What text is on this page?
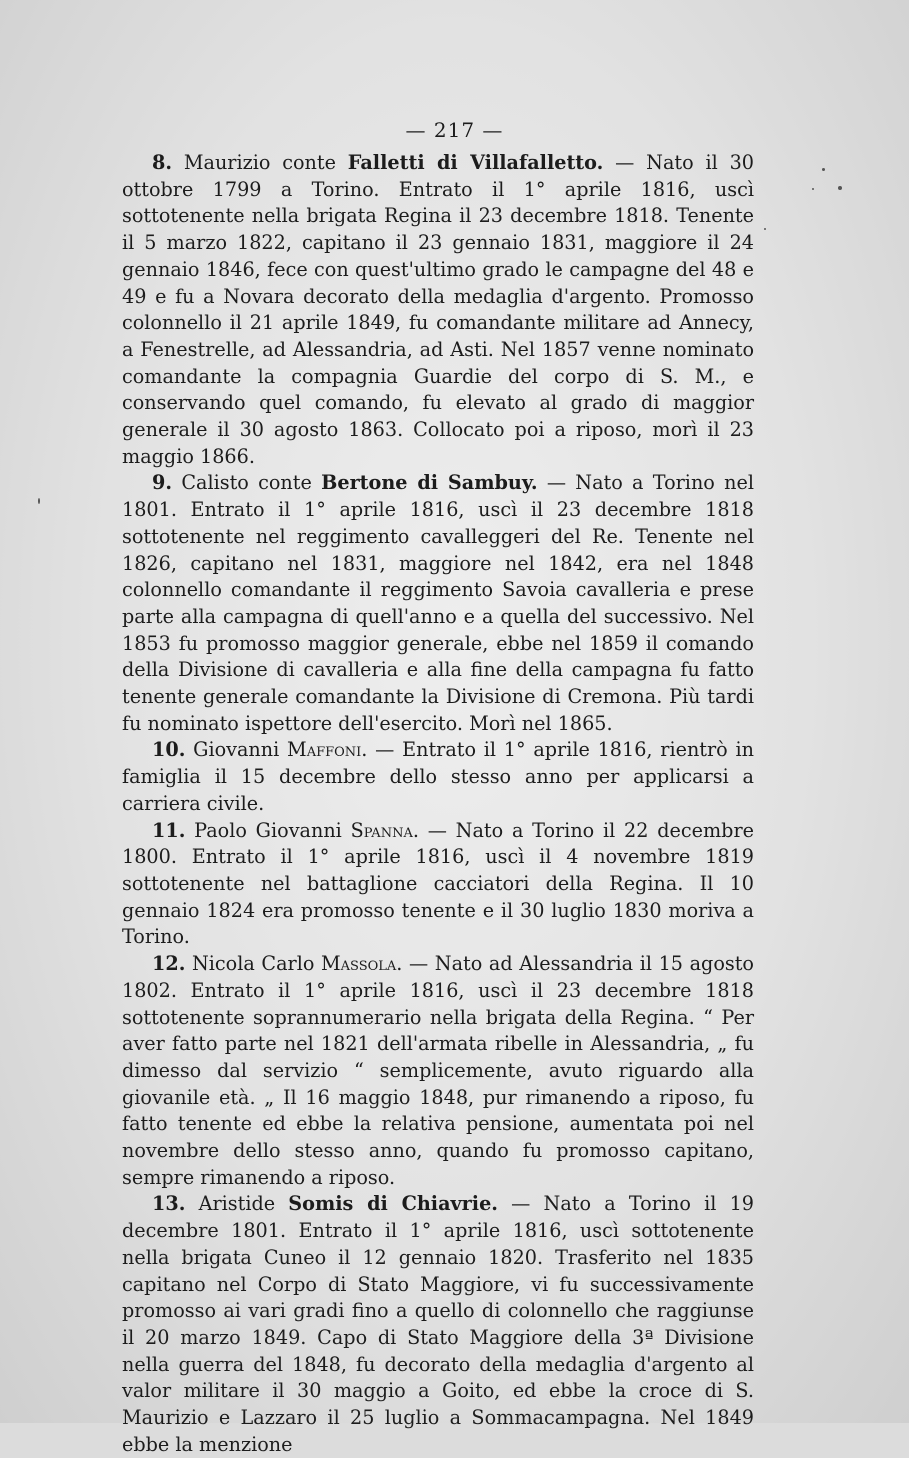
— 217 —

8. Maurizio conte Falletti di Villafalletto. — Nato il 30 ottobre 1799 a Torino. Entrato il 1° aprile 1816, uscì sottotenente nella brigata Regina il 23 decembre 1818. Tenente il 5 marzo 1822, capitano il 23 gennaio 1831, maggiore il 24 gennaio 1846, fece con quest'ultimo grado le campagne del 48 e 49 e fu a Novara decorato della medaglia d'argento. Promosso colonnello il 21 aprile 1849, fu comandante militare ad Annecy, a Fenestrelle, ad Alessandria, ad Asti. Nel 1857 venne nominato comandante la compagnia Guardie del corpo di S. M., e conservando quel comando, fu elevato al grado di maggior generale il 30 agosto 1863. Collocato poi a riposo, morì il 23 maggio 1866.

9. Calisto conte Bertone di Sambuy. — Nato a Torino nel 1801. Entrato il 1° aprile 1816, uscì il 23 decembre 1818 sottotenente nel reggimento cavalleggeri del Re. Tenente nel 1826, capitano nel 1831, maggiore nel 1842, era nel 1848 colonnello comandante il reggimento Savoia cavalleria e prese parte alla campagna di quell'anno e a quella del successivo. Nel 1853 fu promosso maggior generale, ebbe nel 1859 il comando della Divisione di cavalleria e alla fine della campagna fu fatto tenente generale comandante la Divisione di Cremona. Più tardi fu nominato ispettore dell'esercito. Morì nel 1865.

10. Giovanni Maffoni. — Entrato il 1° aprile 1816, rientrò in famiglia il 15 decembre dello stesso anno per applicarsi a carriera civile.

11. Paolo Giovanni Spanna. — Nato a Torino il 22 decembre 1800. Entrato il 1° aprile 1816, uscì il 4 novembre 1819 sottotenente nel battaglione cacciatori della Regina. Il 10 gennaio 1824 era promosso tenente e il 30 luglio 1830 moriva a Torino.

12. Nicola Carlo Massola. — Nato ad Alessandria il 15 agosto 1802. Entrato il 1° aprile 1816, uscì il 23 decembre 1818 sottotenente soprannumerario nella brigata della Regina. “ Per aver fatto parte nel 1821 dell'armata ribelle in Alessandria, „ fu dimesso dal servizio “ semplicemente, avuto riguardo alla giovanile età. „ Il 16 maggio 1848, pur rimanendo a riposo, fu fatto tenente ed ebbe la relativa pensione, aumentata poi nel novembre dello stesso anno, quando fu promosso capitano, sempre rimanendo a riposo.

13. Aristide Somis di Chiavrie. — Nato a Torino il 19 decembre 1801. Entrato il 1° aprile 1816, uscì sottotenente nella brigata Cuneo il 12 gennaio 1820. Trasferito nel 1835 capitano nel Corpo di Stato Maggiore, vi fu successivamente promosso ai vari gradi fino a quello di colonnello che raggiunse il 20 marzo 1849. Capo di Stato Maggiore della 3ª Divisione nella guerra del 1848, fu decorato della medaglia d'argento al valor militare il 30 maggio a Goito, ed ebbe la croce di S. Maurizio e Lazzaro il 25 luglio a Sommacampagna. Nel 1849 ebbe la menzione
